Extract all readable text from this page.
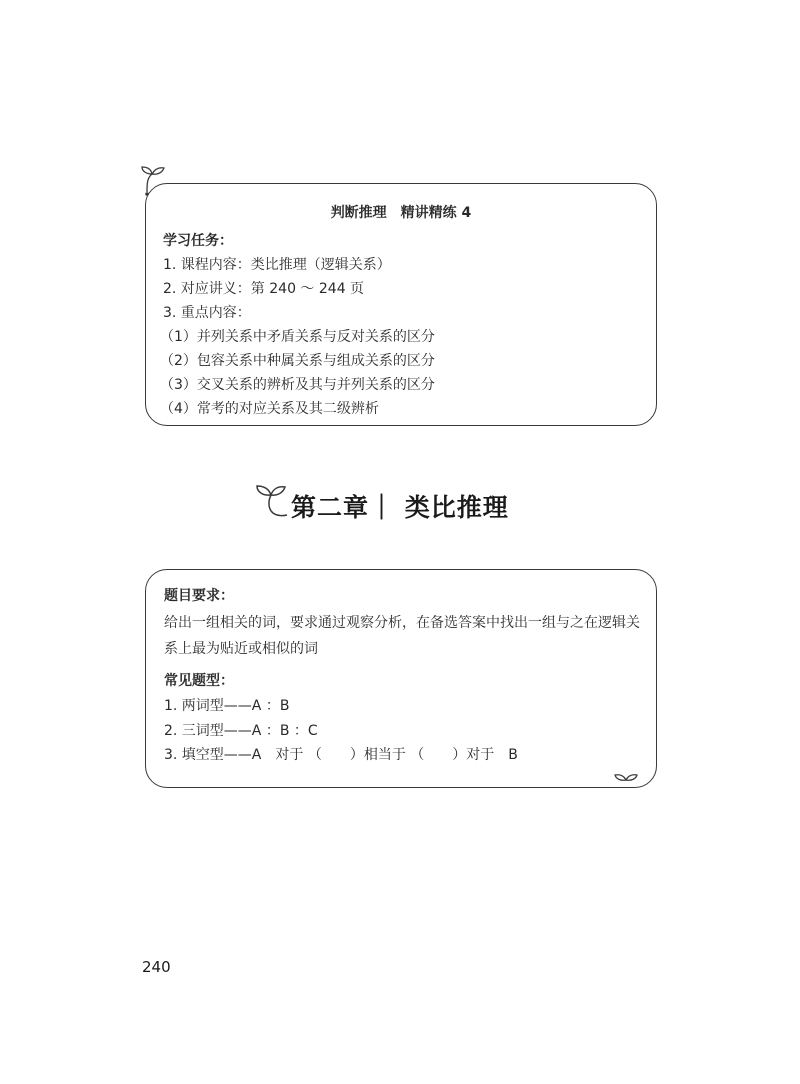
判断推理　精讲精练 4
学习任务：
1. 课程内容：类比推理（逻辑关系）
2. 对应讲义：第 240 ～ 244 页
3. 重点内容：
（1）并列关系中矛盾关系与反对关系的区分
（2）包容关系中种属关系与组成关系的区分
（3）交叉关系的辨析及其与并列关系的区分
（4）常考的对应关系及其二级辨析
第二章｜ 类比推理
题目要求：
给出一组相关的词，要求通过观察分析，在备选答案中找出一组与之在逻辑关系上最为贴近或相似的词
常见题型：
1. 两词型——A ：B
2. 三词型——A ：B ：C
3. 填空型——A　对于 （　　）相当于 （　　）对于　B
240
